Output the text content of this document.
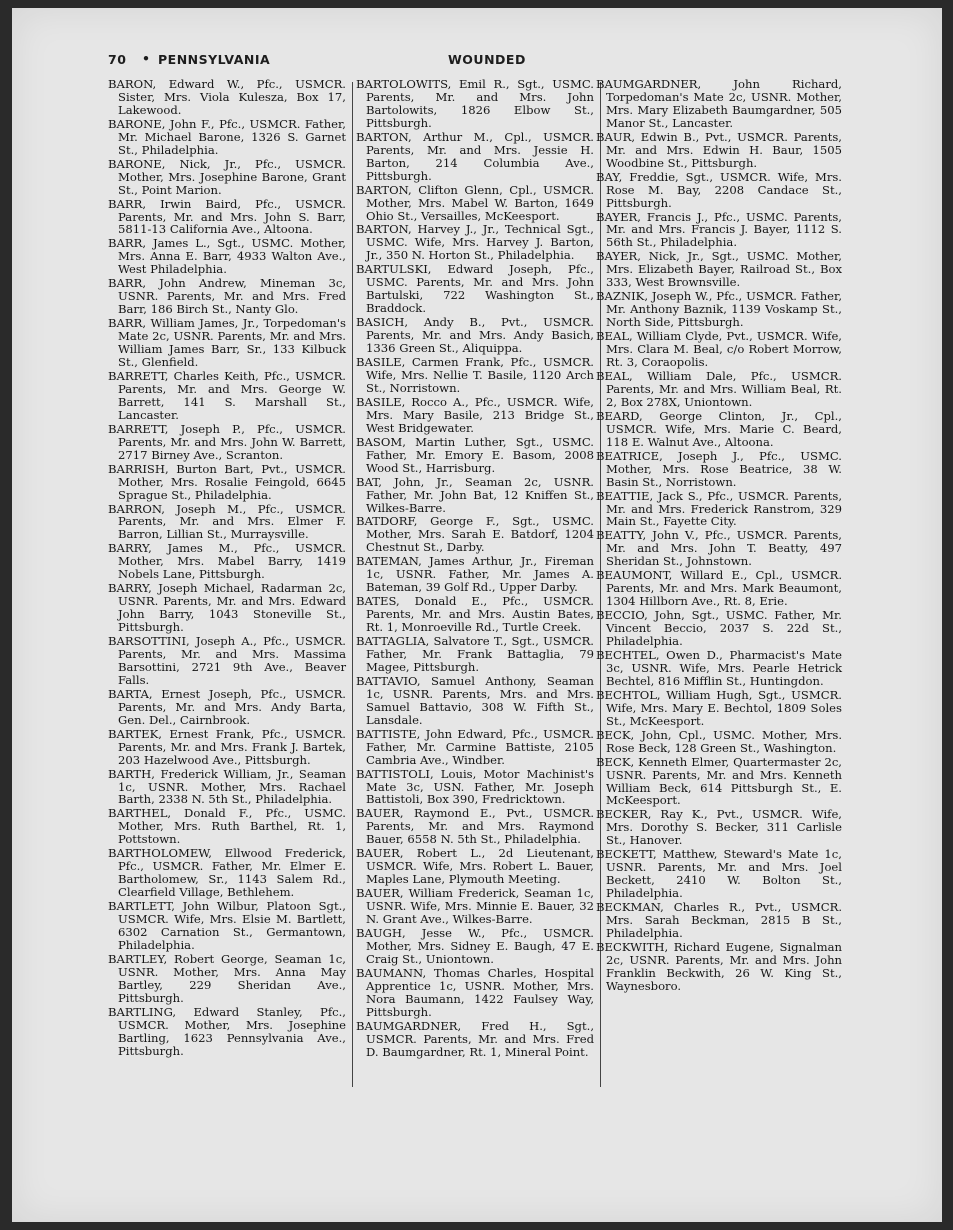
70 • PENNSYLVANIA	WOUNDED

BARON, Edward W., Pfc., USMCR. Sister, Mrs. Viola Kulesza, Box 17, Lakewood.

BARONE, John F., Pfc., USMCR. Father, Mr. Michael Barone, 1326 S. Garnet St., Philadelphia.

BARONE, Nick, Jr., Pfc., USMCR. Mother, Mrs. Josephine Barone, Grant St., Point Marion.

BARR, Irwin Baird, Pfc., USMCR. Parents, Mr. and Mrs. John S. Barr, 5811-13 California Ave., Altoona.

BARR, James L., Sgt., USMC. Mother, Mrs. Anna E. Barr, 4933 Walton Ave., West Philadelphia.

BARR, John Andrew, Mineman 3c, USNR. Parents, Mr. and Mrs. Fred Barr, 186 Birch St., Nanty Glo.

BARR, William James, Jr., Torpedoman's Mate 2c, USNR. Parents, Mr. and Mrs. William James Barr, Sr., 133 Kilbuck St., Glenfield.

BARRETT, Charles Keith, Pfc., USMCR. Parents, Mr. and Mrs. George W. Barrett, 141 S. Marshall St., Lancaster.

BARRETT, Joseph P., Pfc., USMCR. Parents, Mr. and Mrs. John W. Barrett, 2717 Birney Ave., Scranton.

BARRISH, Burton Bart, Pvt., USMCR. Mother, Mrs. Rosalie Feingold, 6645 Sprague St., Philadelphia.

BARRON, Joseph M., Pfc., USMCR. Parents, Mr. and Mrs. Elmer F. Barron, Lillian St., Murraysville.

BARRY, James M., Pfc., USMCR. Mother, Mrs. Mabel Barry, 1419 Nobels Lane, Pittsburgh.

BARRY, Joseph Michael, Radarman 2c, USNR. Parents, Mr. and Mrs. Edward John Barry, 1043 Stoneville St., Pittsburgh.

BARSOTTINI, Joseph A., Pfc., USMCR. Parents, Mr. and Mrs. Massima Barsottini, 2721 9th Ave., Beaver Falls.

BARTA, Ernest Joseph, Pfc., USMCR. Parents, Mr. and Mrs. Andy Barta, Gen. Del., Cairnbrook.

BARTEK, Ernest Frank, Pfc., USMCR. Parents, Mr. and Mrs. Frank J. Bartek, 203 Hazelwood Ave., Pittsburgh.

BARTH, Frederick William, Jr., Seaman 1c, USNR. Mother, Mrs. Rachael Barth, 2338 N. 5th St., Philadelphia.

BARTHEL, Donald F., Pfc., USMC. Mother, Mrs. Ruth Barthel, Rt. 1, Pottstown.

BARTHOLOMEW, Ellwood Frederick, Pfc., USMCR. Father, Mr. Elmer E. Bartholomew, Sr., 1143 Salem Rd., Clearfield Village, Bethlehem.

BARTLETT, John Wilbur, Platoon Sgt., USMCR. Wife, Mrs. Elsie M. Bartlett, 6302 Carnation St., Germantown, Philadelphia.

BARTLEY, Robert George, Seaman 1c, USNR. Mother, Mrs. Anna May Bartley, 229 Sheridan Ave., Pittsburgh.

BARTLING, Edward Stanley, Pfc., USMCR. Mother, Mrs. Josephine Bartling, 1623 Pennsylvania Ave., Pittsburgh.

BARTOLOWITS, Emil R., Sgt., USMC. Parents, Mr. and Mrs. John Bartolowits, 1826 Elbow St., Pittsburgh.

BARTON, Arthur M., Cpl., USMCR. Parents, Mr. and Mrs. Jessie H. Barton, 214 Columbia Ave., Pittsburgh.

BARTON, Clifton Glenn, Cpl., USMCR. Mother, Mrs. Mabel W. Barton, 1649 Ohio St., Versailles, McKeesport.

BARTON, Harvey J., Jr., Technical Sgt., USMC. Wife, Mrs. Harvey J. Barton, Jr., 350 N. Horton St., Philadelphia.

BARTULSKI, Edward Joseph, Pfc., USMC. Parents, Mr. and Mrs. John Bartulski, 722 Washington St., Braddock.

BASICH, Andy B., Pvt., USMCR. Parents, Mr. and Mrs. Andy Basich, 1336 Green St., Aliquippa.

BASILE, Carmen Frank, Pfc., USMCR. Wife, Mrs. Nellie T. Basile, 1120 Arch St., Norristown.

BASILE, Rocco A., Pfc., USMCR. Wife, Mrs. Mary Basile, 213 Bridge St., West Bridgewater.

BASOM, Martin Luther, Sgt., USMC. Father, Mr. Emory E. Basom, 2008 Wood St., Harrisburg.

BAT, John, Jr., Seaman 2c, USNR. Father, Mr. John Bat, 12 Kniffen St., Wilkes-Barre.

BATDORF, George F., Sgt., USMC. Mother, Mrs. Sarah E. Batdorf, 1204 Chestnut St., Darby.

BATEMAN, James Arthur, Jr., Fireman 1c, USNR. Father, Mr. James A. Bateman, 39 Golf Rd., Upper Darby.

BATES, Donald E., Pfc., USMCR. Parents, Mr. and Mrs. Austin Bates, Rt. 1, Monroeville Rd., Turtle Creek.

BATTAGLIA, Salvatore T., Sgt., USMCR. Father, Mr. Frank Battaglia, 79 Magee, Pittsburgh.

BATTAVIO, Samuel Anthony, Seaman 1c, USNR. Parents, Mrs. and Mrs. Samuel Battavio, 308 W. Fifth St., Lansdale.

BATTISTE, John Edward, Pfc., USMCR. Father, Mr. Carmine Battiste, 2105 Cambria Ave., Windber.

BATTISTOLI, Louis, Motor Machinist's Mate 3c, USN. Father, Mr. Joseph Battistoli, Box 390, Fredricktown.

BAUER, Raymond E., Pvt., USMCR. Parents, Mr. and Mrs. Raymond Bauer, 6558 N. 5th St., Philadelphia.

BAUER, Robert L., 2d Lieutenant, USMCR. Wife, Mrs. Robert L. Bauer, Maples Lane, Plymouth Meeting.

BAUER, William Frederick, Seaman 1c, USNR. Wife, Mrs. Minnie E. Bauer, 32 N. Grant Ave., Wilkes-Barre.

BAUGH, Jesse W., Pfc., USMCR. Mother, Mrs. Sidney E. Baugh, 47 E. Craig St., Uniontown.

BAUMANN, Thomas Charles, Hospital Apprentice 1c, USNR. Mother, Mrs. Nora Baumann, 1422 Faulsey Way, Pittsburgh.

BAUMGARDNER, Fred H., Sgt., USMCR. Parents, Mr. and Mrs. Fred D. Baumgardner, Rt. 1, Mineral Point.

BAUMGARDNER, John Richard, Torpedoman's Mate 2c, USNR. Mother, Mrs. Mary Elizabeth Baumgardner, 505 Manor St., Lancaster.

BAUR, Edwin B., Pvt., USMCR. Parents, Mr. and Mrs. Edwin H. Baur, 1505 Woodbine St., Pittsburgh.

BAY, Freddie, Sgt., USMCR. Wife, Mrs. Rose M. Bay, 2208 Candace St., Pittsburgh.

BAYER, Francis J., Pfc., USMC. Parents, Mr. and Mrs. Francis J. Bayer, 1112 S. 56th St., Philadelphia.

BAYER, Nick, Jr., Sgt., USMC. Mother, Mrs. Elizabeth Bayer, Railroad St., Box 333, West Brownsville.

BAZNIK, Joseph W., Pfc., USMCR. Father, Mr. Anthony Baznik, 1139 Voskamp St., North Side, Pittsburgh.

BEAL, William Clyde, Pvt., USMCR. Wife, Mrs. Clara M. Beal, c/o Robert Morrow, Rt. 3, Coraopolis.

BEAL, William Dale, Pfc., USMCR. Parents, Mr. and Mrs. William Beal, Rt. 2, Box 278X, Uniontown.

BEARD, George Clinton, Jr., Cpl., USMCR. Wife, Mrs. Marie C. Beard, 118 E. Walnut Ave., Altoona.

BEATRICE, Joseph J., Pfc., USMC. Mother, Mrs. Rose Beatrice, 38 W. Basin St., Norristown.

BEATTIE, Jack S., Pfc., USMCR. Parents, Mr. and Mrs. Frederick Ranstrom, 329 Main St., Fayette City.

BEATTY, John V., Pfc., USMCR. Parents, Mr. and Mrs. John T. Beatty, 497 Sheridan St., Johnstown.

BEAUMONT, Willard E., Cpl., USMCR. Parents, Mr. and Mrs. Mark Beaumont, 1304 Hillborn Ave., Rt. 8, Erie.

BECCIO, John, Sgt., USMC. Father, Mr. Vincent Beccio, 2037 S. 22d St., Philadelphia.

BECHTEL, Owen D., Pharmacist's Mate 3c, USNR. Wife, Mrs. Pearle Hetrick Bechtel, 816 Mifflin St., Huntingdon.

BECHTOL, William Hugh, Sgt., USMCR. Wife, Mrs. Mary E. Bechtol, 1809 Soles St., McKeesport.

BECK, John, Cpl., USMC. Mother, Mrs. Rose Beck, 128 Green St., Washington.

BECK, Kenneth Elmer, Quartermaster 2c, USNR. Parents, Mr. and Mrs. Kenneth William Beck, 614 Pittsburgh St., E. McKeesport.

BECKER, Ray K., Pvt., USMCR. Wife, Mrs. Dorothy S. Becker, 311 Carlisle St., Hanover.

BECKETT, Matthew, Steward's Mate 1c, USNR. Parents, Mr. and Mrs. Joel Beckett, 2410 W. Bolton St., Philadelphia.

BECKMAN, Charles R., Pvt., USMCR. Mrs. Sarah Beckman, 2815 B St., Philadelphia.

BECKWITH, Richard Eugene, Signalman 2c, USNR. Parents, Mr. and Mrs. John Franklin Beckwith, 26 W. King St., Waynesboro.
